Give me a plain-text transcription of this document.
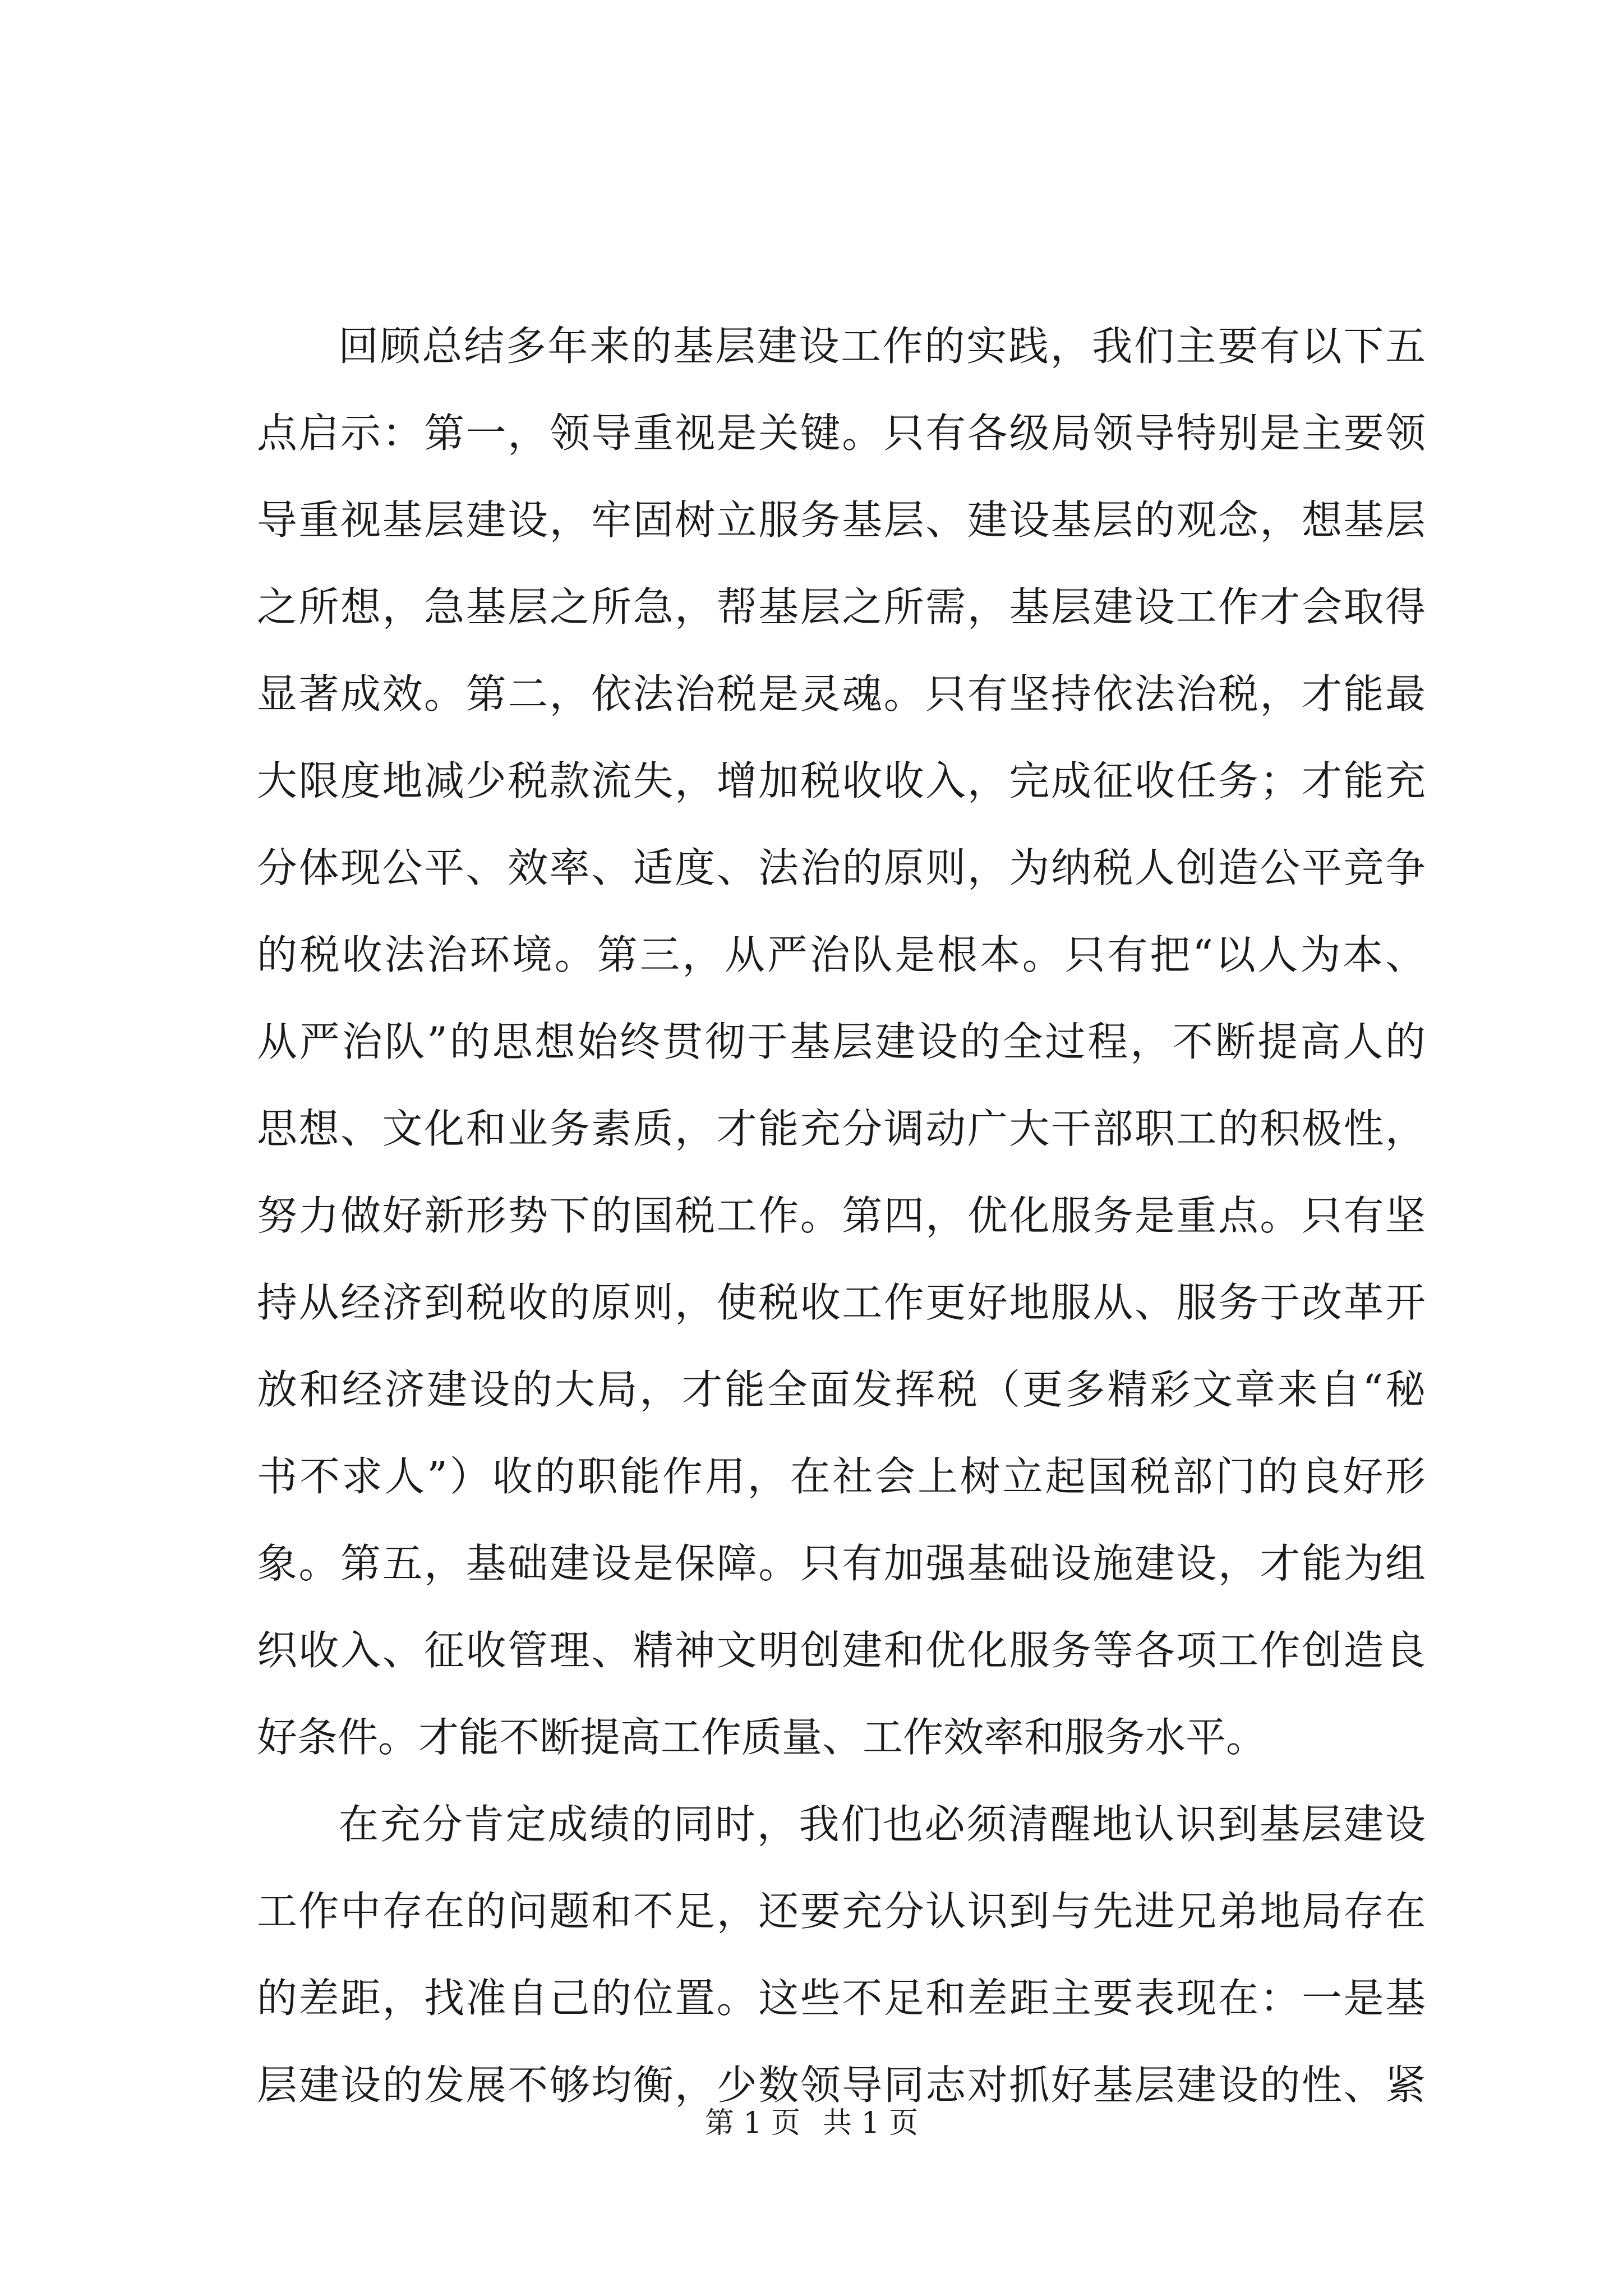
回顾总结多年来的基层建设工作的实践，我们主要有以下五
点启示：第一，领导重视是关键。只有各级局领导特别是主要领
导重视基层建设，牢固树立服务基层、建设基层的观念，想基层
之所想，急基层之所急，帮基层之所需，基层建设工作才会取得
显著成效。第二，依法治税是灵魂。只有坚持依法治税，才能最
大限度地减少税款流失，增加税收收入，完成征收任务；才能充
分体现公平、效率、适度、法治的原则，为纳税人创造公平竞争
的税收法治环境。第三，从严治队是根本。只有把“以人为本、
从严治队”的思想始终贯彻于基层建设的全过程，不断提高人的
思想、文化和业务素质，才能充分调动广大干部职工的积极性，
努力做好新形势下的国税工作。第四，优化服务是重点。只有坚
持从经济到税收的原则，使税收工作更好地服从、服务于改革开
放和经济建设的大局，才能全面发挥税（更多精彩文章来自“秘
书不求人”）收的职能作用，在社会上树立起国税部门的良好形
象。第五，基础建设是保障。只有加强基础设施建设，才能为组
织收入、征收管理、精神文明创建和优化服务等各项工作创造良
好条件。才能不断提高工作质量、工作效率和服务水平。
在充分肯定成绩的同时，我们也必须清醒地认识到基层建设
工作中存在的问题和不足，还要充分认识到与先进兄弟地局存在
的差距，找准自己的位置。这些不足和差距主要表现在：一是基
层建设的发展不够均衡，少数领导同志对抓好基层建设的性、紧
第 1 页 共 1 页
